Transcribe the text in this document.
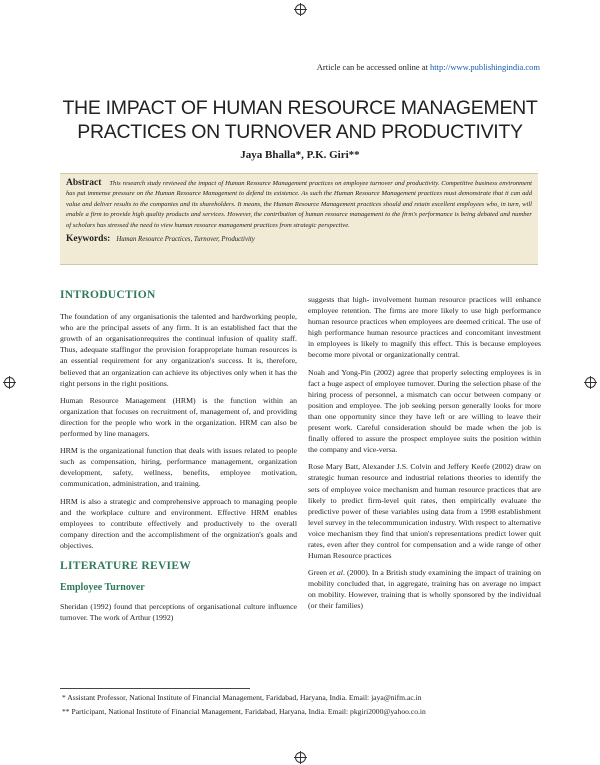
Article can be accessed online at http://www.publishingindia.com
THE IMPACT OF HUMAN RESOURCE MANAGEMENT PRACTICES ON TURNOVER AND PRODUCTIVITY
Jaya Bhalla*, P.K. Giri**

Abstract This research study reviewed the impact of Human Resource Management practices on employee turnover and productivity. Competitive business environment has put immense pressure on the Human Resource Management to defend its existence. As such the Human Resource Management practices must demonstrate that it can add value and deliver results to the companies and its shareholders. It means, the Human Resource Management practices should and retain excellent employees who, in turn, will enable a firm to provide high quality products and services. However, the contribution of human resource management to the firm's performance is being debated and number of scholars has stressed the need to view human resource management practices from strategic perspective.

Keywords: Human Resource Practices, Turnover, Productivity
INTRODUCTION

The foundation of any organisationis the talented and hardworking people, who are the principal assets of any firm. It is an established fact that the growth of an organisationrequires the continual infusion of quality staff. Thus, adequate staffingor the provision forappropriate human resources is an essential requirement for any organization's success. It is, therefore, believed that an organization can achieve its objectives only when it has the right persons in the right positions.

Human Resource Management (HRM) is the function within an organization that focuses on recruitment of, management of, and providing direction for the people who work in the organization. HRM can also be performed by line managers.

HRM is the organizational function that deals with issues related to people such as compensation, hiring, performance management, organization development, safety, wellness, benefits, employee motivation, communication, administration, and training.

HRM is also a strategic and comprehensive approach to managing people and the workplace culture and environment. Effective HRM enables employees to contribute effectively and productively to the overall company direction and the accomplishment of the orgnization's goals and objectives.

LITERATURE REVIEW
Employee Turnover

Sheridan (1992) found that perceptions of organisational culture influence turnover. The work of Arthur (1992)

suggests that high- involvement human resource practices will enhance employee retention. The firms are more likely to use high performance human resource practices when employees are deemed critical. The use of high performance human resource practices and concomitant investment in employees is likely to magnify this effect. This is because employees become more pivotal or organizationally central.

Noah and Yong-Pin (2002) agree that properly selecting employees is in fact a huge aspect of employee turnover. During the selection phase of the hiring process of personnel, a mismatch can occur between company or position and employee. The job seeking person generally looks for more than one opportunity since they have left or are willing to leave their present work. Careful consideration should be made when the job is finally offered to assure the prospect employee suits the position within the company and vice-versa.

Rose Mary Batt, Alexander J.S. Colvin and Jeffery Keefe (2002) draw on strategic human resource and industrial relations theories to identify the sets of employee voice mechanism and human resource practices that are likely to predict firm-level quit rates, then empirically evaluate the predictive power of these variables using data from a 1998 establishment level survey in the telecommunication industry. With respect to alternative voice mechanism they find that union's representations predict lower quit rates, even after they control for compensation and a wide range of other Human Resource practices

Green et al. (2000). In a British study examining the impact of training on mobility concluded that, in aggregate, training has on average no impact on mobility. However, training that is wholly sponsored by the individual (or their families)

* Assistant Professor, National Institute of Financial Management, Faridabad, Haryana, India. Email: jaya@nifm.ac.in
** Participant, National Institute of Financial Management, Faridabad, Haryana, India. Email: pkgiri2000@yahoo.co.in
